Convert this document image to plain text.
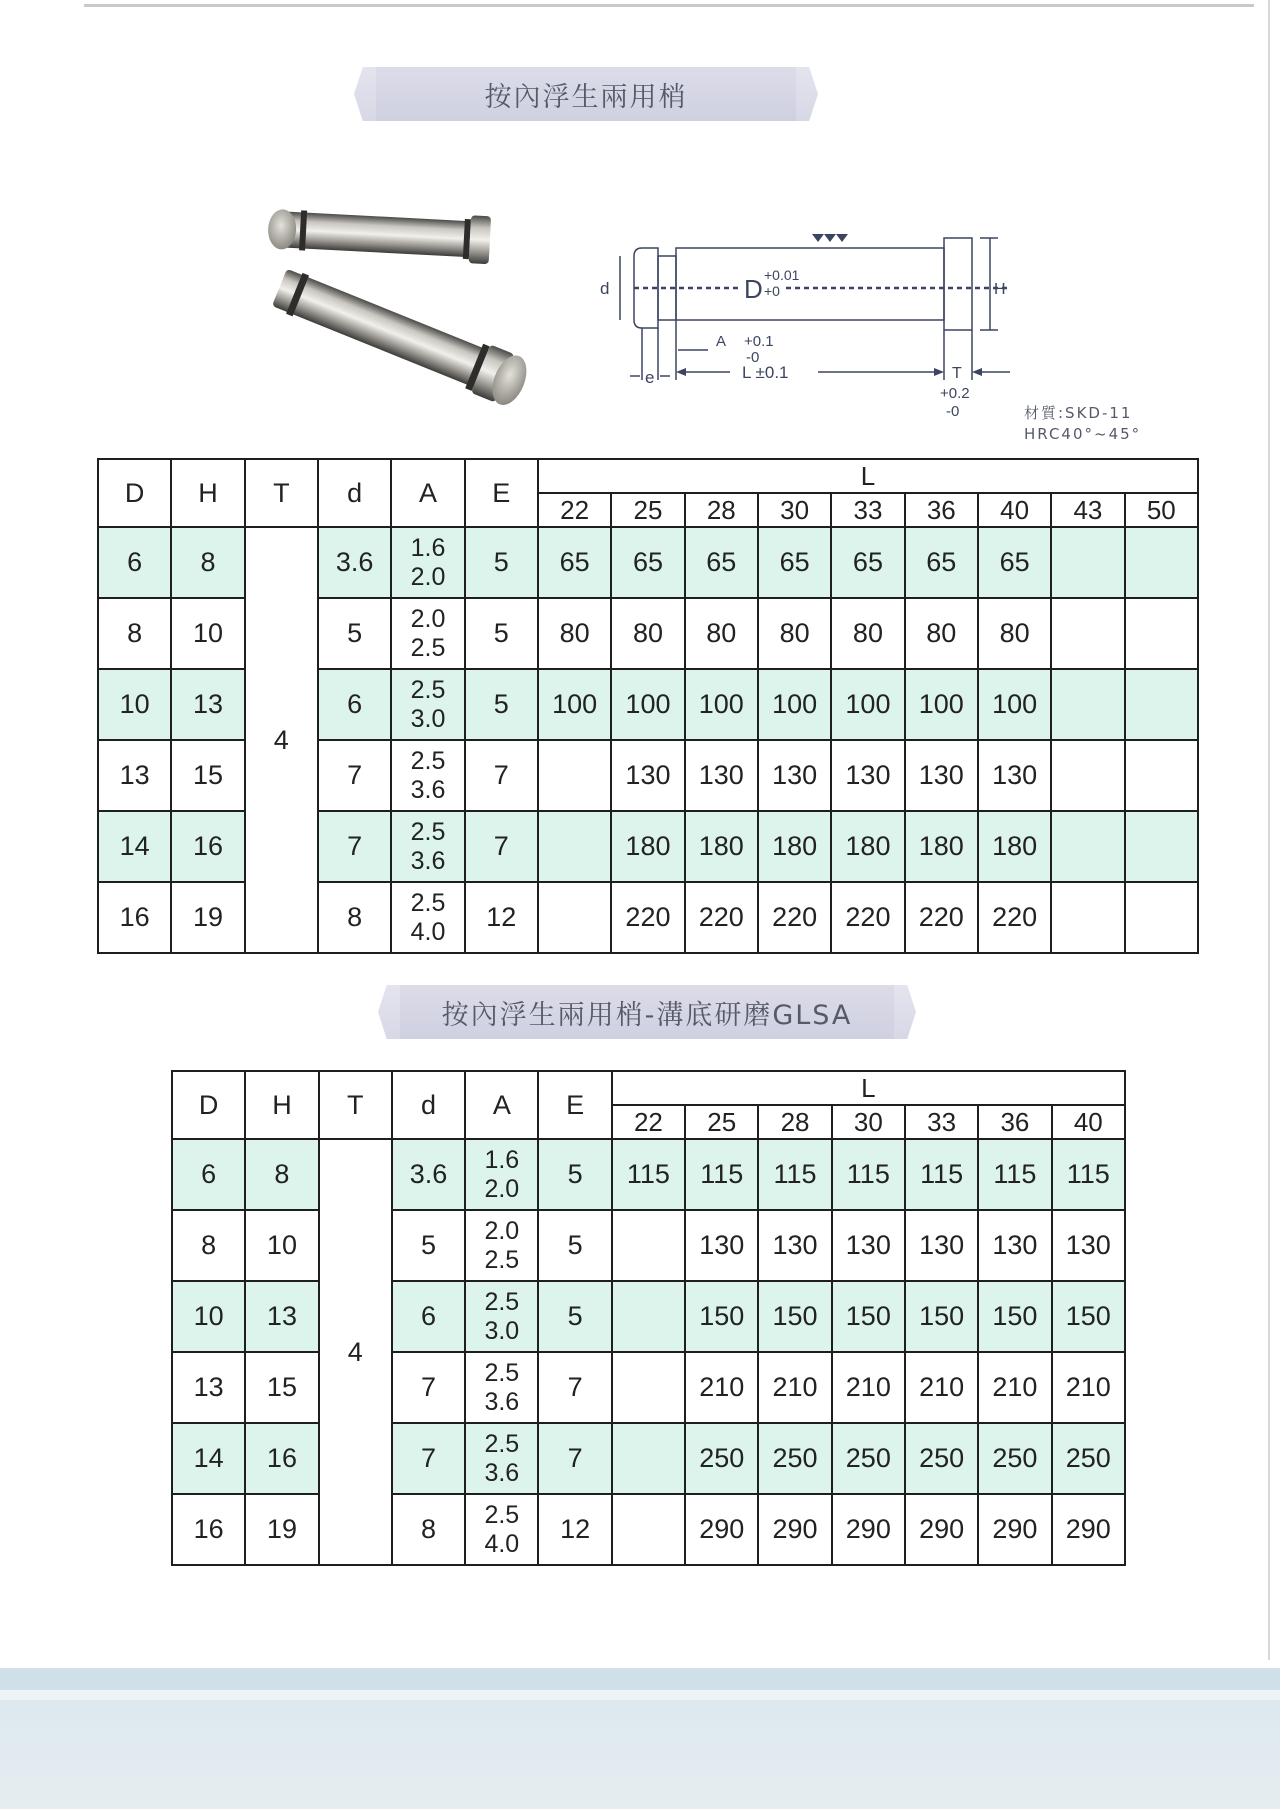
按內浮生兩用梢
d	D +0.01
+0	H
A +0.1
-0
e	L ±0.1	T
+0.2
-0	材質:SKD-11
HRC40°~45°
D	H	T	d	A	E	L								
						22	25	28	30	33	36	40	43	50
6	8	4	3.6	1.6
2.0	5	65	65	65	65	65	65	65		
8	10		5	2.0
2.5	5	80	80	80	80	80	80	80		
10	13		6	2.5
3.0	5	100	100	100	100	100	100	100		
13	15		7	2.5
3.6	7		130	130	130	130	130	130		
14	16		7	2.5
3.6	7		180	180	180	180	180	180		
16	19		8	2.5
4.0	12		220	220	220	220	220	220		
按內浮生兩用梢-溝底研磨GLSA
D	H	T	d	A	E	L						
						22	25	28	30	33	36	40
6	8	4	3.6	1.6
2.0	5	115	115	115	115	115	115	115
8	10		5	2.0
2.5	5		130	130	130	130	130	130
10	13		6	2.5
3.0	5		150	150	150	150	150	150
13	15		7	2.5
3.6	7		210	210	210	210	210	210
14	16		7	2.5
3.6	7		250	250	250	250	250	250
16	19		8	2.5
4.0	12		290	290	290	290	290	290
